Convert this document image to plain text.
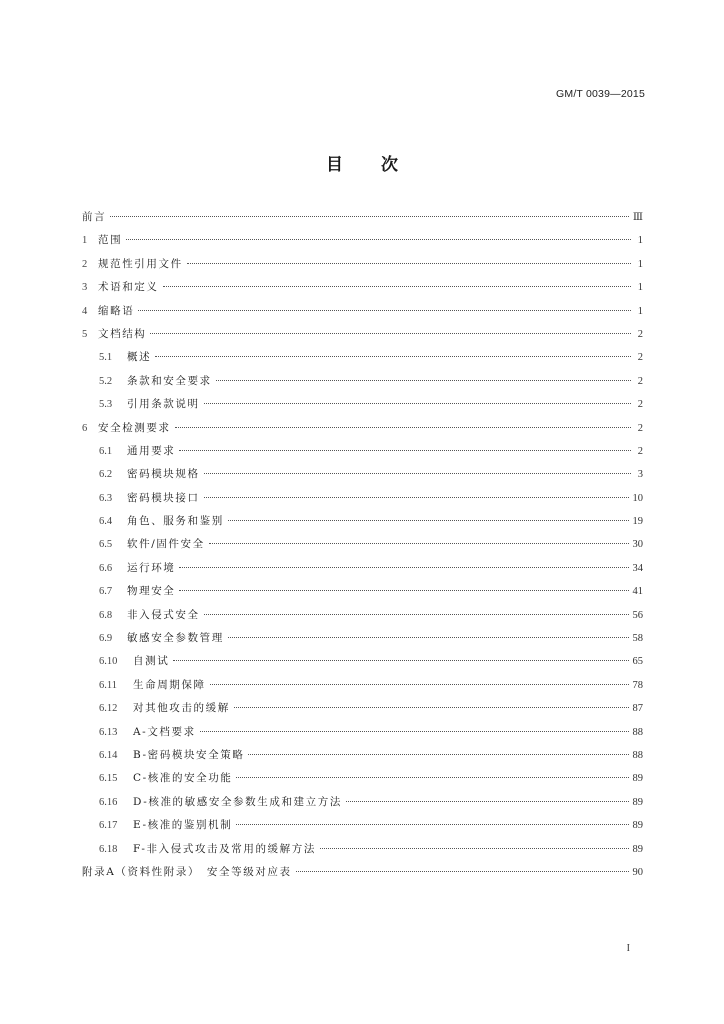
GM/T 0039—2015
目 次
前言	Ⅲ
1	范围	1
2	规范性引用文件	1
3	术语和定义	1
4	缩略语	1
5	文档结构	2
5.1	概述	2
5.2	条款和安全要求	2
5.3	引用条款说明	2
6	安全检测要求	2
6.1	通用要求	2
6.2	密码模块规格	3
6.3	密码模块接口	10
6.4	角色、服务和鉴别	19
6.5	软件/固件安全	30
6.6	运行环境	34
6.7	物理安全	41
6.8	非入侵式安全	56
6.9	敏感安全参数管理	58
6.10	自测试	65
6.11	生命周期保障	78
6.12	对其他攻击的缓解	87
6.13	A-文档要求	88
6.14	B-密码模块安全策略	88
6.15	C-核准的安全功能	89
6.16	D-核准的敏感安全参数生成和建立方法	89
6.17	E-核准的鉴别机制	89
6.18	F-非入侵式攻击及常用的缓解方法	89
附录A（资料性附录）　安全等级对应表	90
I
